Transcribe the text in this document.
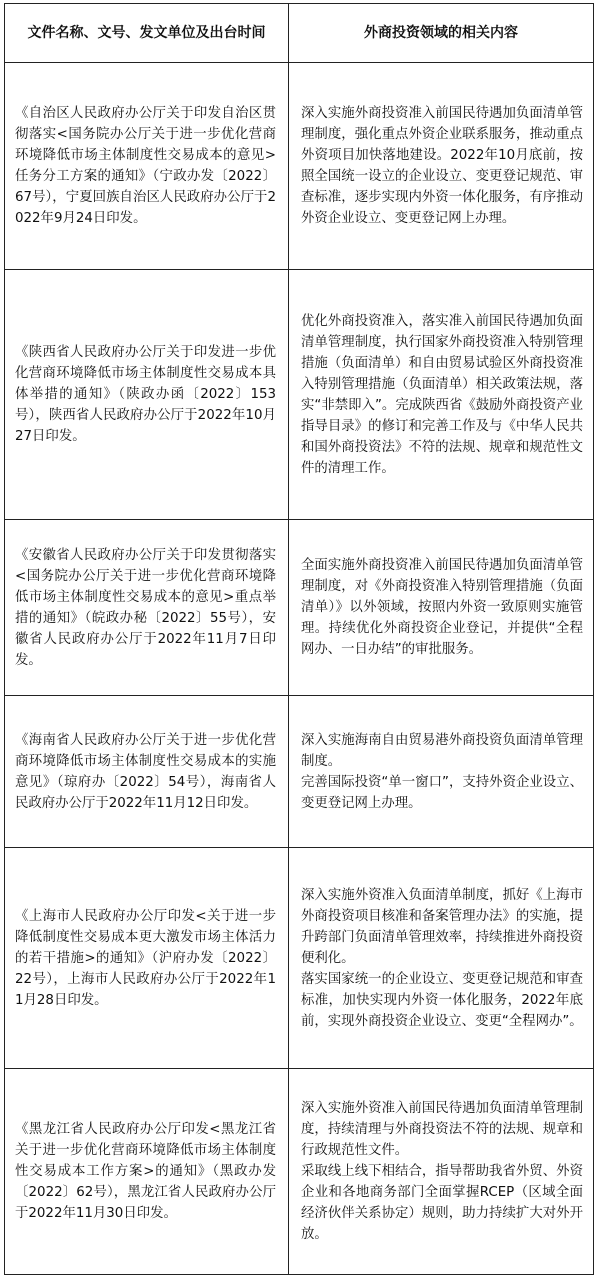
文件名称、文号、发文单位及出台时间	外商投资领域的相关内容

《自治区人民政府办公厅关于印发自治区贯彻落实<国务院办公厅关于进一步优化营商环境降低市场主体制度性交易成本的意见>任务分工方案的通知》（宁政办发〔2022〕67号），宁夏回族自治区人民政府办公厅于2022年9月24日印发。	深入实施外商投资准入前国民待遇加负面清单管理制度，强化重点外资企业联系服务，推动重点外资项目加快落地建设。2022年10月底前，按照全国统一设立的企业设立、变更登记规范、审查标准，逐步实现内外资一体化服务，有序推动外资企业设立、变更登记网上办理。

《陕西省人民政府办公厅关于印发进一步优化营商环境降低市场主体制度性交易成本具体举措的通知》（陕政办函〔2022〕153号），陕西省人民政府办公厅于2022年10月27日印发。	优化外商投资准入，落实准入前国民待遇加负面清单管理制度，执行国家外商投资准入特别管理措施（负面清单）和自由贸易试验区外商投资准入特别管理措施（负面清单）相关政策法规，落实“非禁即入”。完成陕西省《鼓励外商投资产业指导目录》的修订和完善工作及与《中华人民共和国外商投资法》不符的法规、规章和规范性文件的清理工作。

《安徽省人民政府办公厅关于印发贯彻落实<国务院办公厅关于进一步优化营商环境降低市场主体制度性交易成本的意见>重点举措的通知》（皖政办秘〔2022〕55号），安徽省人民政府办公厅于2022年11月7日印发。	全面实施外商投资准入前国民待遇加负面清单管理制度，对《外商投资准入特别管理措施（负面清单）》以外领域，按照内外资一致原则实施管理。持续优化外商投资企业登记，并提供“全程网办、一日办结”的审批服务。

《海南省人民政府办公厅关于进一步优化营商环境降低市场主体制度性交易成本的实施意见》（琼府办〔2022〕54号），海南省人民政府办公厅于2022年11月12日印发。	深入实施海南自由贸易港外商投资负面清单管理制度。
完善国际投资“单一窗口”，支持外资企业设立、变更登记网上办理。

《上海市人民政府办公厅印发<关于进一步降低制度性交易成本更大激发市场主体活力的若干措施>的通知》（沪府办发〔2022〕22号），上海市人民政府办公厅于2022年11月28日印发。	深入实施外资准入负面清单制度，抓好《上海市外商投资项目核准和备案管理办法》的实施，提升跨部门负面清单管理效率，持续推进外商投资便利化。
落实国家统一的企业设立、变更登记规范和审查标准，加快实现内外资一体化服务，2022年底前，实现外商投资企业设立、变更“全程网办”。

《黑龙江省人民政府办公厅印发<黑龙江省关于进一步优化营商环境降低市场主体制度性交易成本工作方案>的通知》（黑政办发〔2022〕62号），黑龙江省人民政府办公厅于2022年11月30日印发。	深入实施外资准入前国民待遇加负面清单管理制度，持续清理与外商投资法不符的法规、规章和行政规范性文件。
采取线上线下相结合，指导帮助我省外贸、外资企业和各地商务部门全面掌握RCEP（区域全面经济伙伴关系协定）规则，助力持续扩大对外开放。
